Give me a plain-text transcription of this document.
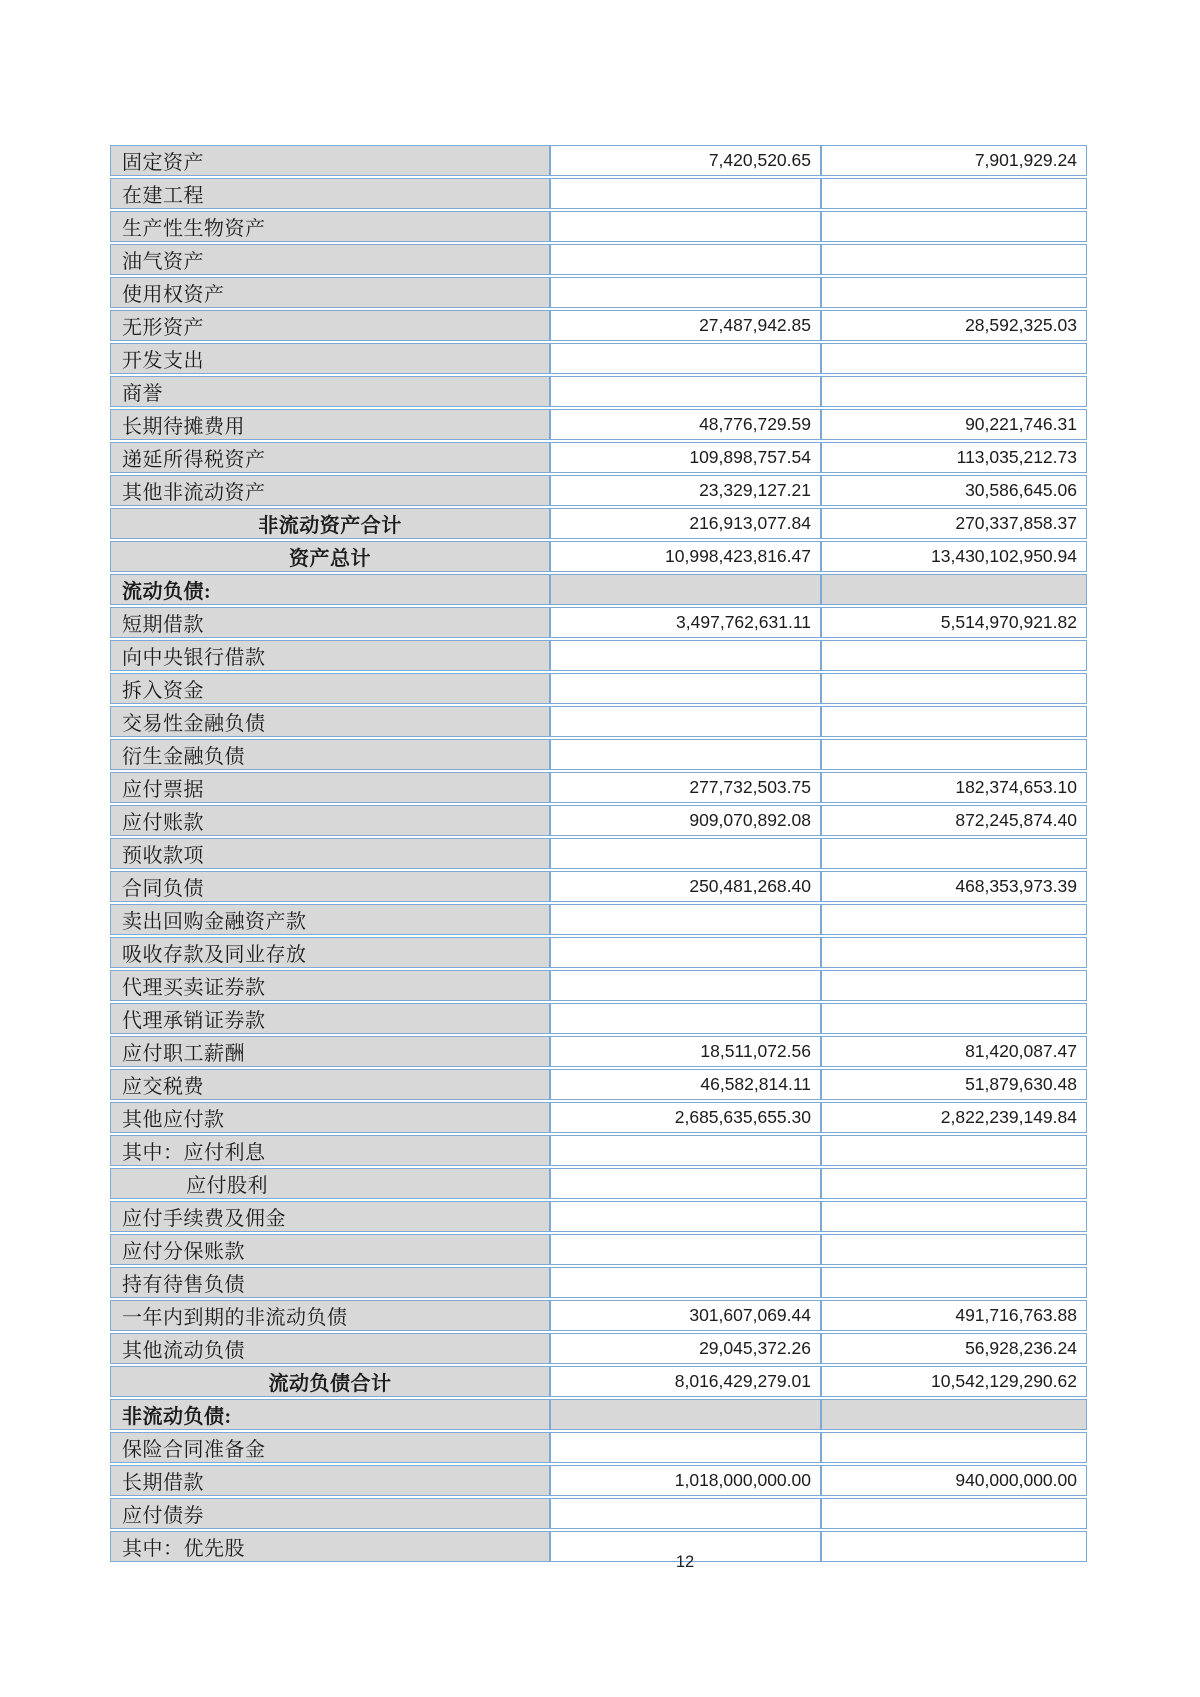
固定资产	7,420,520.65	7,901,929.24
在建工程		
生产性生物资产		
油气资产		
使用权资产		
无形资产	27,487,942.85	28,592,325.03
开发支出		
商誉		
长期待摊费用	48,776,729.59	90,221,746.31
递延所得税资产	109,898,757.54	113,035,212.73
其他非流动资产	23,329,127.21	30,586,645.06
非流动资产合计	216,913,077.84	270,337,858.37
资产总计	10,998,423,816.47	13,430,102,950.94
流动负债:		
短期借款	3,497,762,631.11	5,514,970,921.82
向中央银行借款		
拆入资金		
交易性金融负债		
衍生金融负债		
应付票据	277,732,503.75	182,374,653.10
应付账款	909,070,892.08	872,245,874.40
预收款项		
合同负债	250,481,268.40	468,353,973.39
卖出回购金融资产款		
吸收存款及同业存放		
代理买卖证券款		
代理承销证券款		
应付职工薪酬	18,511,072.56	81,420,087.47
应交税费	46,582,814.11	51,879,630.48
其他应付款	2,685,635,655.30	2,822,239,149.84
其中：应付利息		
应付股利		
应付手续费及佣金		
应付分保账款		
持有待售负债		
一年内到期的非流动负债	301,607,069.44	491,716,763.88
其他流动负债	29,045,372.26	56,928,236.24
流动负债合计	8,016,429,279.01	10,542,129,290.62
非流动负债:		
保险合同准备金		
长期借款	1,018,000,000.00	940,000,000.00
应付债券		
其中：优先股		
12
